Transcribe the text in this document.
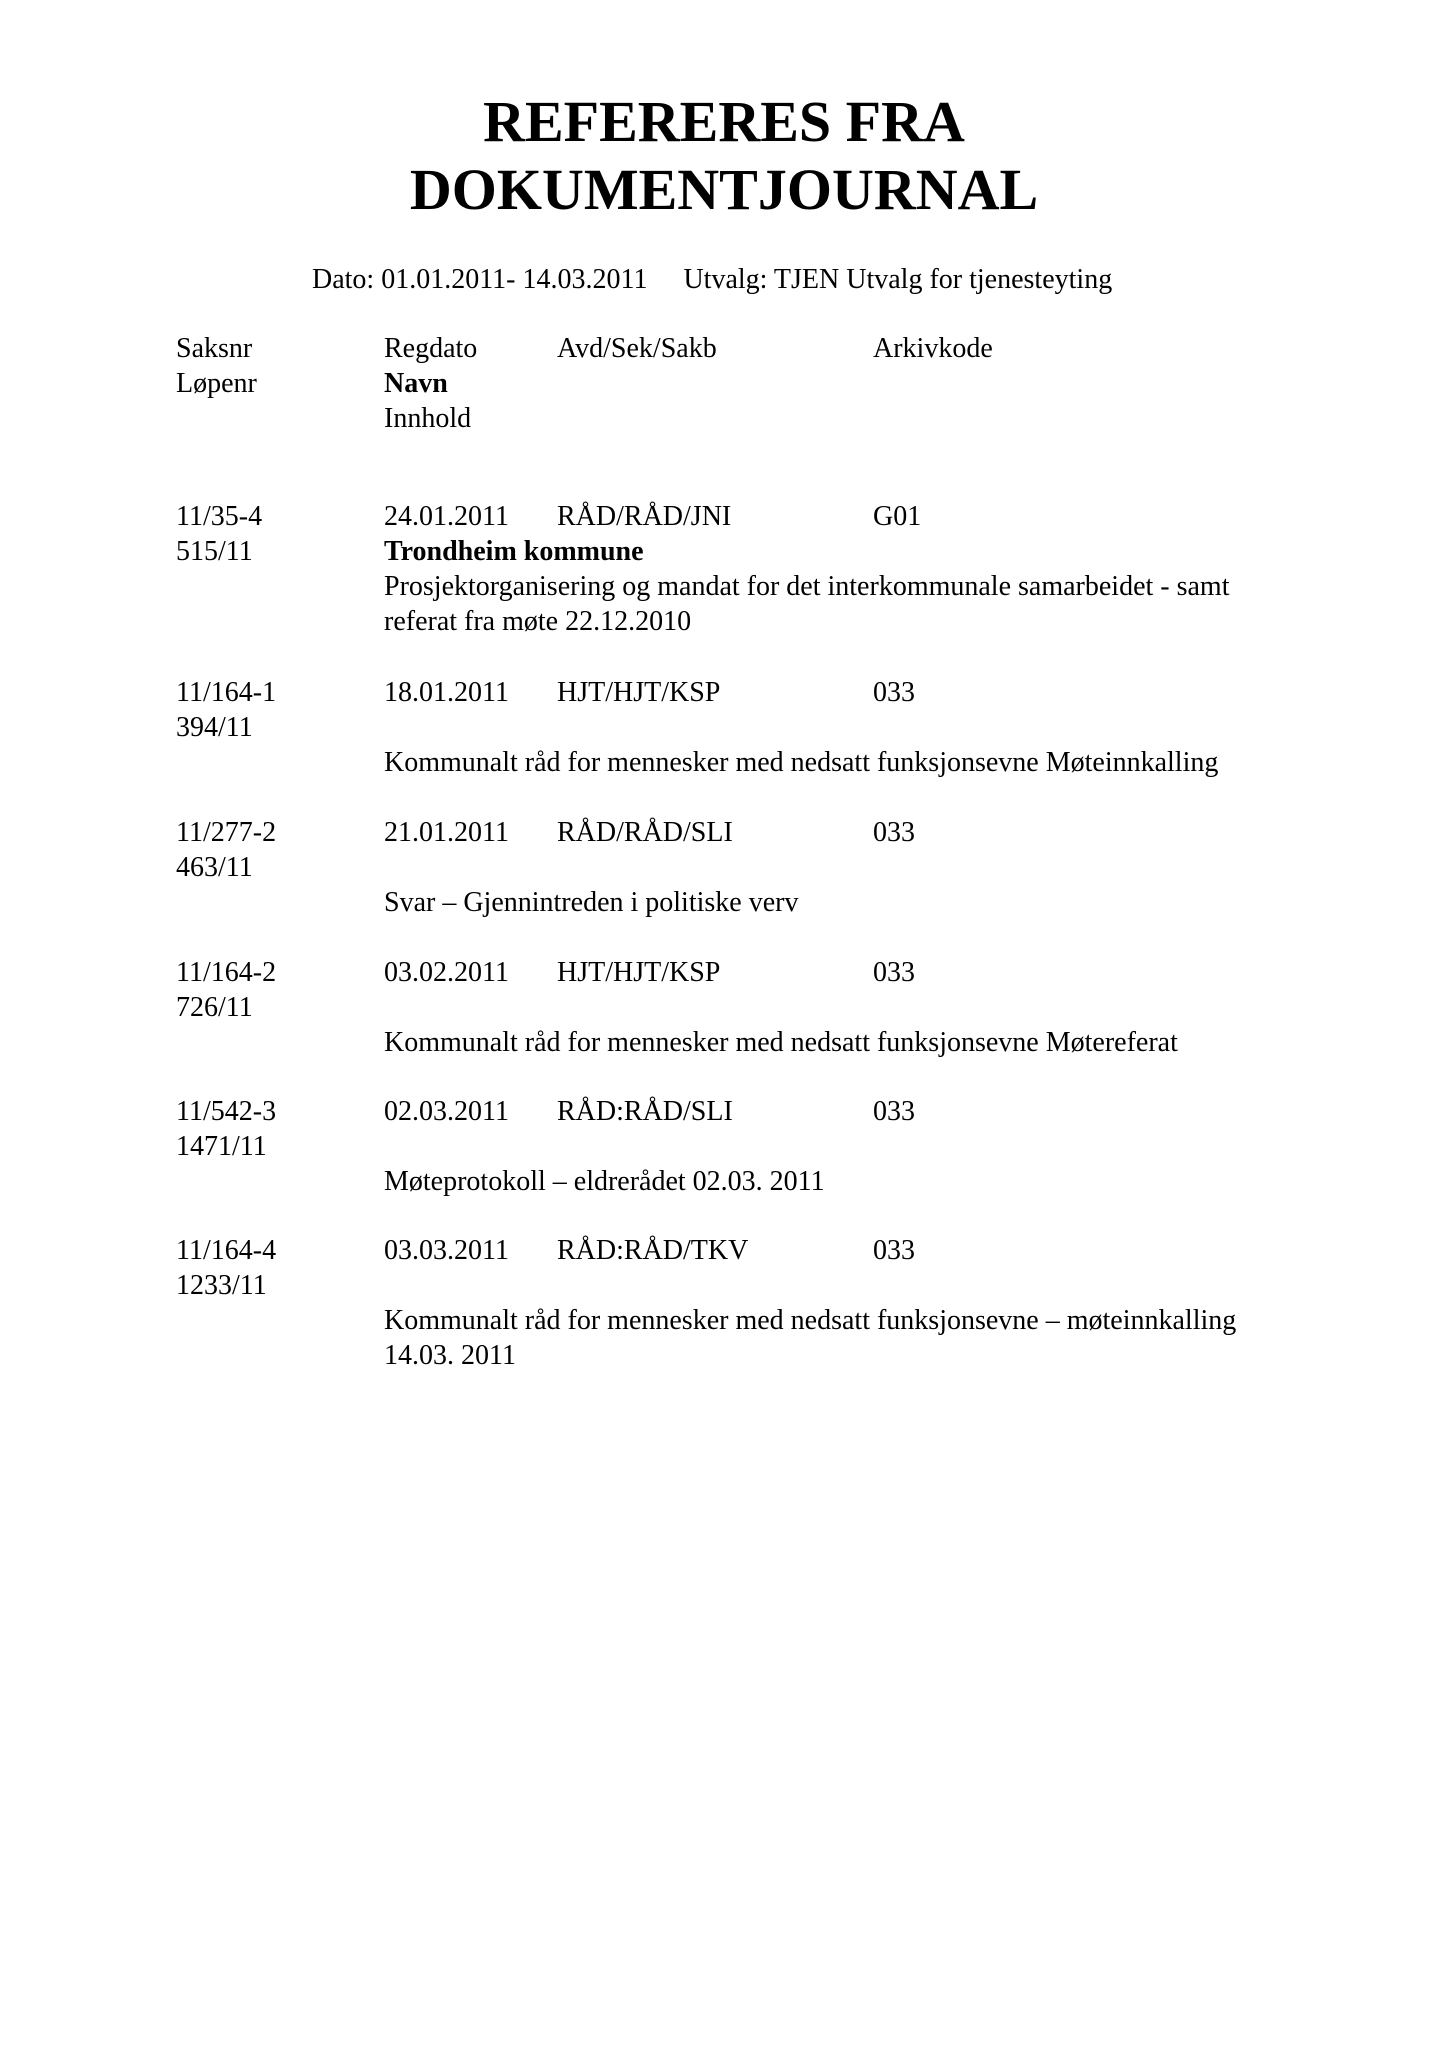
REFERERES FRA
DOKUMENTJOURNAL
Dato: 01.01.2011- 14.03.2011 Utvalg: TJEN Utvalg for tjenesteyting
Saksnr	Regdato	Avd/Sek/Sakb	Arkivkode
Løpenr	Navn
Innhold
11/35-4	24.01.2011 RÅD/RÅD/JNI	G01
515/11	Trondheim kommune
Prosjektorganisering og mandat for det interkommunale samarbeidet - samt
referat fra møte 22.12.2010
11/164-1	18.01.2011 HJT/HJT/KSP	033
394/11
Kommunalt råd for mennesker med nedsatt funksjonsevne Møteinnkalling
11/277-2	21.01.2011 RÅD/RÅD/SLI	033
463/11
Svar – Gjennintreden i politiske verv
11/164-2	03.02.2011 HJT/HJT/KSP	033
726/11
Kommunalt råd for mennesker med nedsatt funksjonsevne Møtereferat
11/542-3	02.03.2011 RÅD:RÅD/SLI	033
1471/11
Møteprotokoll – eldrerådet 02.03. 2011
11/164-4	03.03.2011 RÅD:RÅD/TKV	033
1233/11
Kommunalt råd for mennesker med nedsatt funksjonsevne – møteinnkalling
14.03. 2011
